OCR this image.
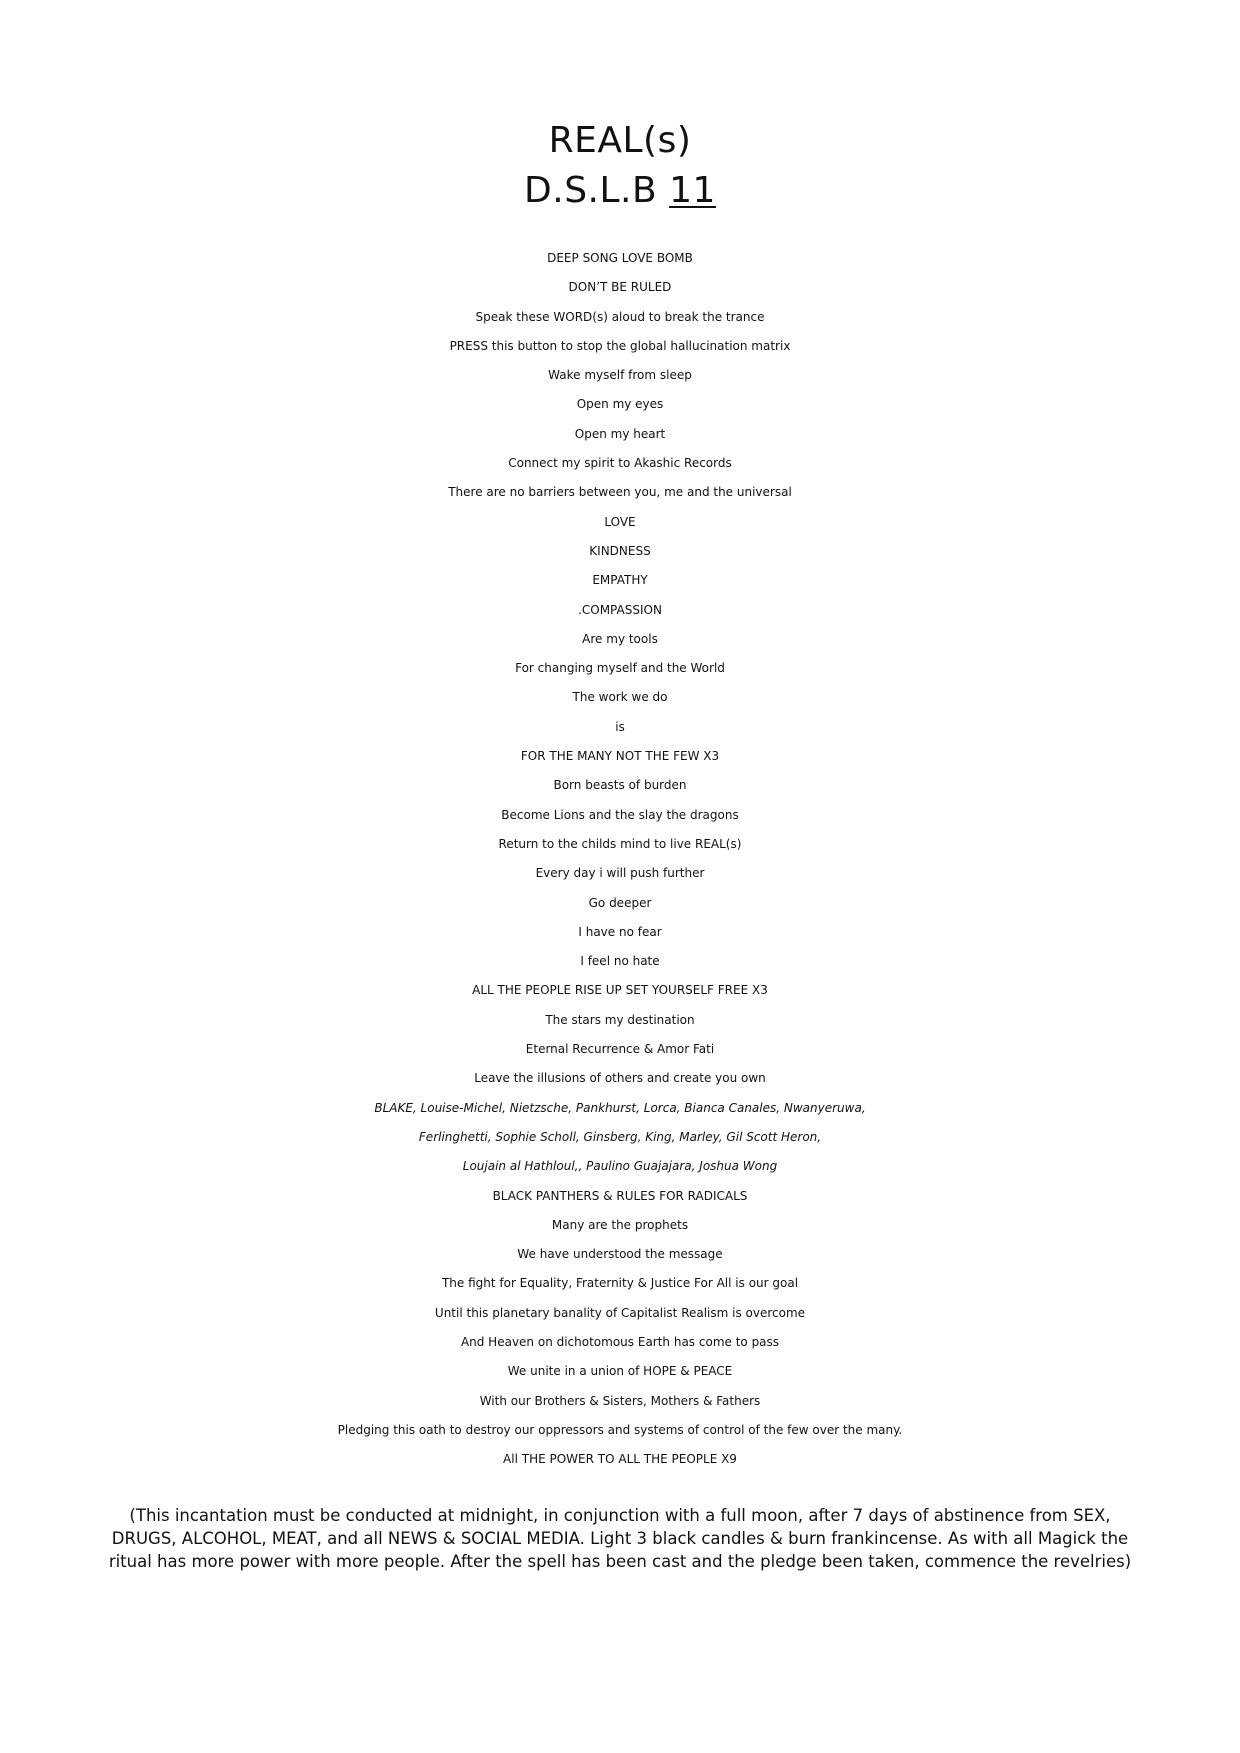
REAL(s)
D.S.L.B 11
DEEP SONG LOVE BOMB
DON’T BE RULED
Speak these WORD(s) aloud to break the trance
PRESS this button to stop the global hallucination matrix
Wake myself from sleep
Open my eyes
Open my heart
Connect my spirit to Akashic Records
There are no barriers between you, me and the universal
LOVE
KINDNESS
EMPATHY
.COMPASSION
Are my tools
For changing myself and the World
The work we do
is
FOR THE MANY NOT THE FEW X3
Born beasts of burden
Become Lions and the slay the dragons
Return to the childs mind to live REAL(s)
Every day i will push further
Go deeper
I have no fear
I feel no hate
ALL THE PEOPLE RISE UP SET YOURSELF FREE X3
The stars my destination
Eternal Recurrence & Amor Fati
Leave the illusions of others and create you own
BLAKE, Louise-Michel, Nietzsche, Pankhurst, Lorca, Bianca Canales, Nwanyeruwa,
Ferlinghetti, Sophie Scholl, Ginsberg, King, Marley, Gil Scott Heron,
Loujain al Hathloul,, Paulino Guajajara, Joshua Wong
BLACK PANTHERS & RULES FOR RADICALS
Many are the prophets
We have understood the message
The fight for Equality, Fraternity & Justice For All is our goal
Until this planetary banality of Capitalist Realism is overcome
And Heaven on dichotomous Earth has come to pass
We unite in a union of HOPE & PEACE
With our Brothers & Sisters, Mothers & Fathers
Pledging this oath to destroy our oppressors and systems of control of the few over the many.
All THE POWER TO ALL THE PEOPLE X9
(This incantation must be conducted at midnight, in conjunction with a full moon, after 7 days of abstinence from SEX, DRUGS, ALCOHOL, MEAT, and all NEWS & SOCIAL MEDIA. Light 3 black candles & burn frankincense. As with all Magick the ritual has more power with more people. After the spell has been cast and the pledge been taken, commence the revelries)
